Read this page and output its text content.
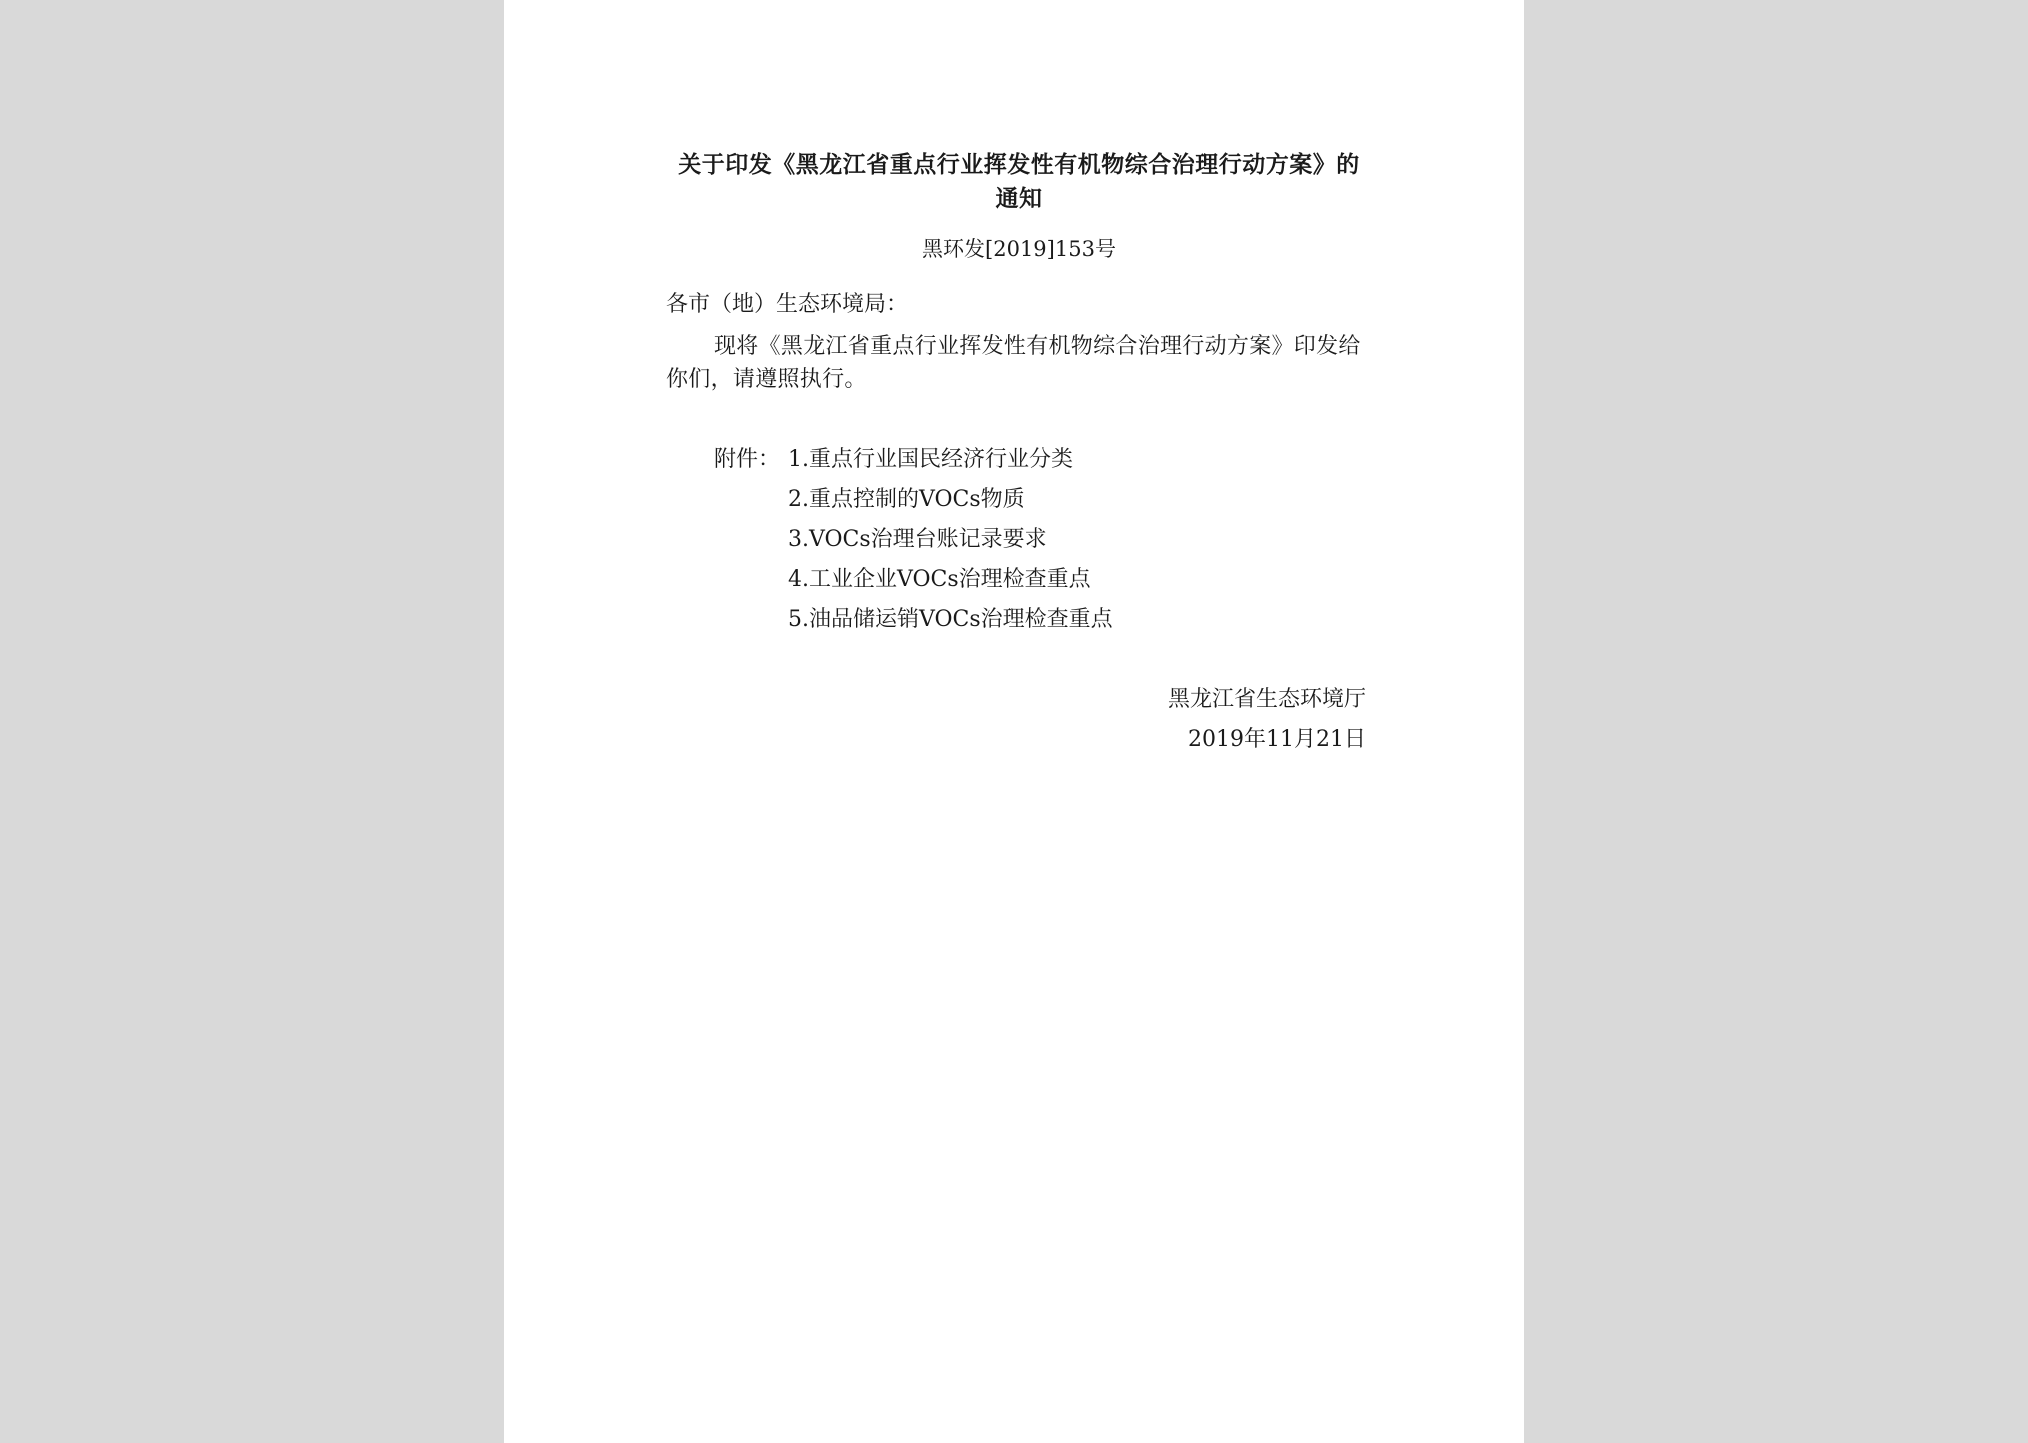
关于印发《黑龙江省重点行业挥发性有机物综合治理行动方案》的
通知
黑环发[2019]153号
各市（地）生态环境局：
现将《黑龙江省重点行业挥发性有机物综合治理行动方案》印发给你们，请遵照执行。
附件： 1.重点行业国民经济行业分类
2.重点控制的VOCs物质
3.VOCs治理台账记录要求
4.工业企业VOCs治理检查重点
5.油品储运销VOCs治理检查重点
黑龙江省生态环境厅
2019年11月21日
